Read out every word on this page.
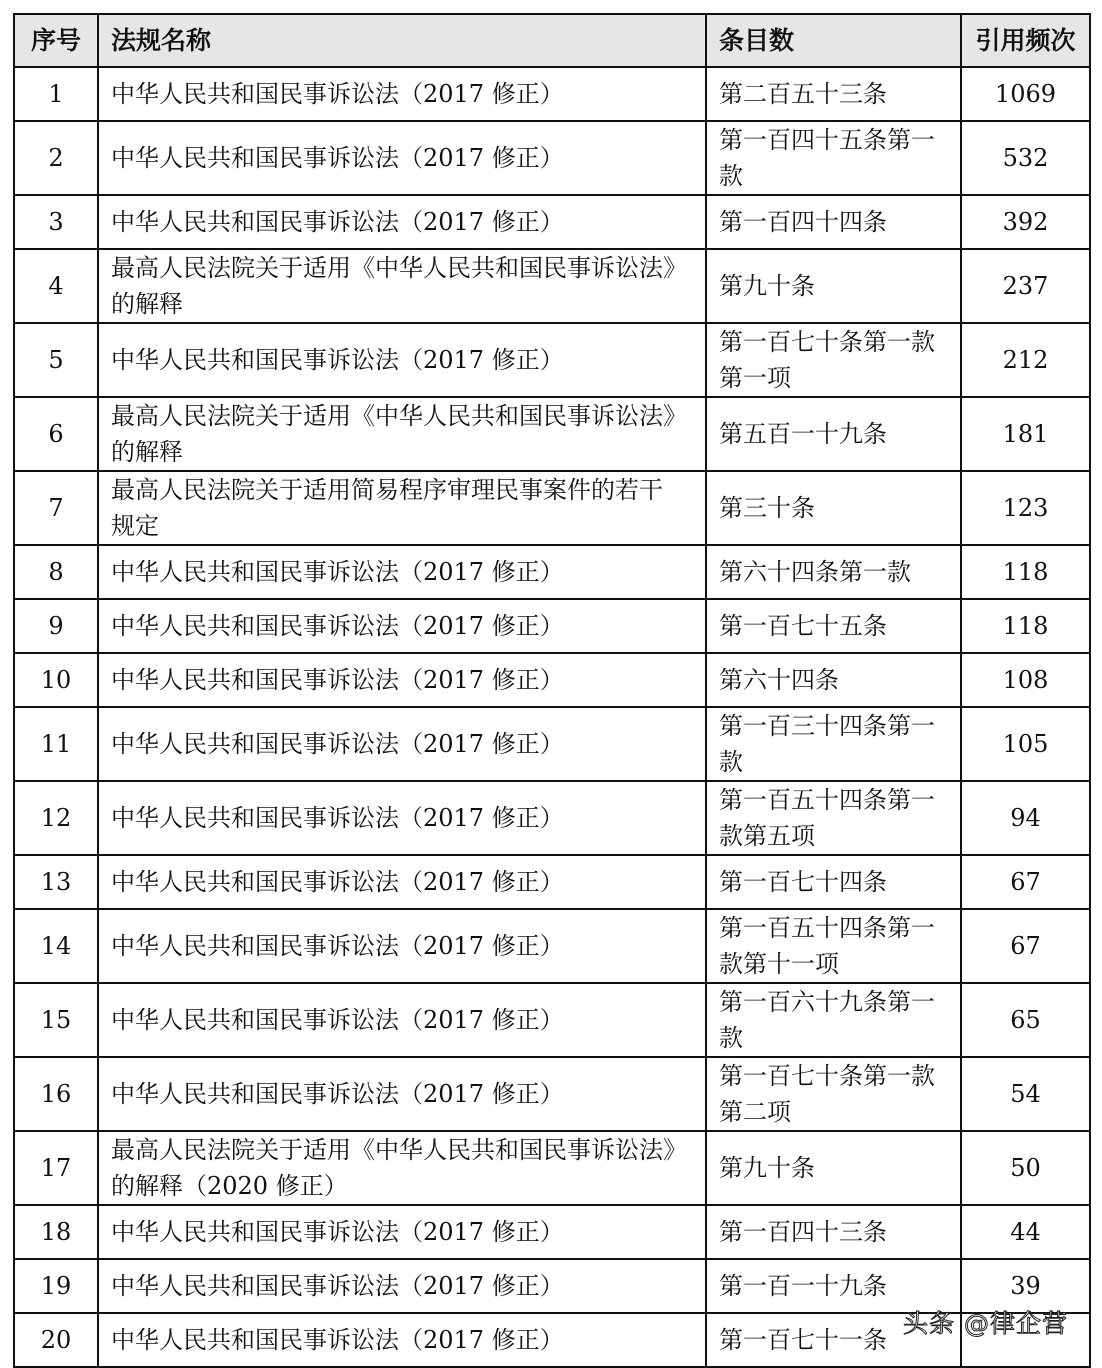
序号	法规名称	条目数	引用频次
1	中华人民共和国民事诉讼法（2017 修正）	第二百五十三条	1069
2	中华人民共和国民事诉讼法（2017 修正）	第一百四十五条第一
款	532
3	中华人民共和国民事诉讼法（2017 修正）	第一百四十四条	392
4	最高人民法院关于适用《中华人民共和国民事诉讼法》
的解释	第九十条	237
5	中华人民共和国民事诉讼法（2017 修正）	第一百七十条第一款
第一项	212
6	最高人民法院关于适用《中华人民共和国民事诉讼法》
的解释	第五百一十九条	181
7	最高人民法院关于适用简易程序审理民事案件的若干
规定	第三十条	123
8	中华人民共和国民事诉讼法（2017 修正）	第六十四条第一款	118
9	中华人民共和国民事诉讼法（2017 修正）	第一百七十五条	118
10	中华人民共和国民事诉讼法（2017 修正）	第六十四条	108
11	中华人民共和国民事诉讼法（2017 修正）	第一百三十四条第一
款	105
12	中华人民共和国民事诉讼法（2017 修正）	第一百五十四条第一
款第五项	94
13	中华人民共和国民事诉讼法（2017 修正）	第一百七十四条	67
14	中华人民共和国民事诉讼法（2017 修正）	第一百五十四条第一
款第十一项	67
15	中华人民共和国民事诉讼法（2017 修正）	第一百六十九条第一
款	65
16	中华人民共和国民事诉讼法（2017 修正）	第一百七十条第一款
第二项	54
17	最高人民法院关于适用《中华人民共和国民事诉讼法》
的解释（2020 修正）	第九十条	50
18	中华人民共和国民事诉讼法（2017 修正）	第一百四十三条	44
19	中华人民共和国民事诉讼法（2017 修正）	第一百一十九条	39
20	中华人民共和国民事诉讼法（2017 修正）	第一百七十一条	
头条 @律企营
